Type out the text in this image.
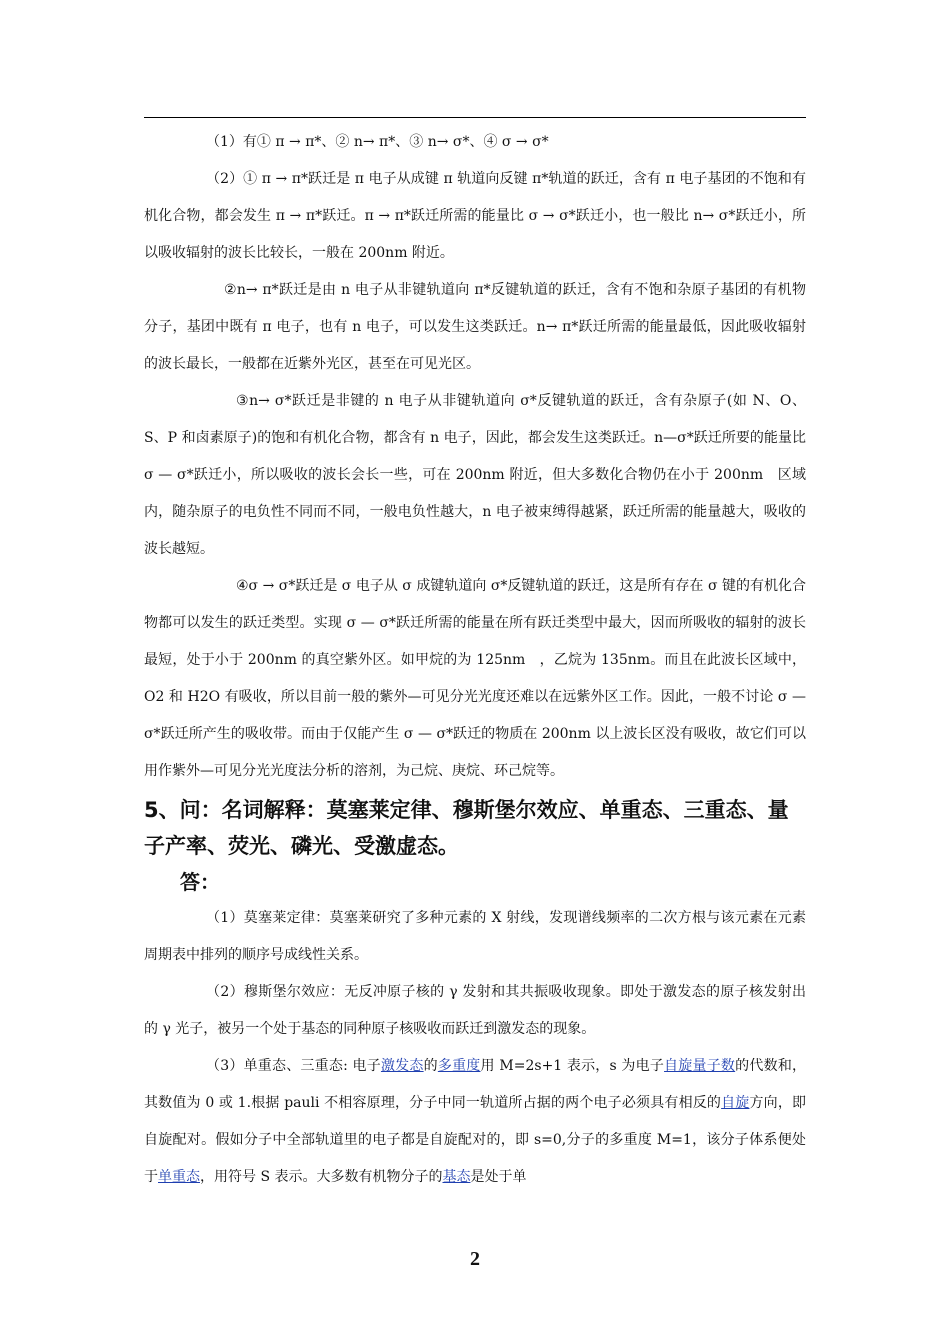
（1）有① π → π*、② n→ π*、③ n→ σ*、④ σ → σ*

（2）① π → π*跃迁是 π 电子从成键 π 轨道向反键 π*轨道的跃迁，含有 π 电子基团的不饱和有机化合物，都会发生 π → π*跃迁。π → π*跃迁所需的能量比 σ → σ*跃迁小，也一般比 n→ σ*跃迁小，所以吸收辐射的波长比较长，一般在 200nm 附近。

②n→ π*跃迁是由 n 电子从非键轨道向 π*反键轨道的跃迁，含有不饱和杂原子基团的有机物分子，基团中既有 π 电子，也有 n 电子，可以发生这类跃迁。n→ π*跃迁所需的能量最低，因此吸收辐射的波长最长，一般都在近紫外光区，甚至在可见光区。

③n→ σ*跃迁是非键的 n 电子从非键轨道向 σ*反键轨道的跃迁，含有杂原子(如 N、O、S、P 和卤素原子)的饱和有机化合物，都含有 n 电子，因此，都会发生这类跃迁。n—σ*跃迁所要的能量比 σ — σ*跃迁小，所以吸收的波长会长一些，可在 200nm 附近，但大多数化合物仍在小于 200nm　区域内，随杂原子的电负性不同而不同，一般电负性越大，n 电子被束缚得越紧，跃迁所需的能量越大，吸收的波长越短。

④σ → σ*跃迁是 σ 电子从 σ 成键轨道向 σ*反键轨道的跃迁，这是所有存在 σ 键的有机化合物都可以发生的跃迁类型。实现 σ — σ*跃迁所需的能量在所有跃迁类型中最大，因而所吸收的辐射的波长最短，处于小于 200nm 的真空紫外区。如甲烷的为 125nm　，乙烷为 135nm。而且在此波长区域中，O2 和 H2O 有吸收，所以目前一般的紫外—可见分光光度还难以在远紫外区工作。因此，一般不讨论 σ — σ*跃迁所产生的吸收带。而由于仅能产生 σ — σ*跃迁的物质在 200nm 以上波长区没有吸收，故它们可以用作紫外—可见分光光度法分析的溶剂，为己烷、庚烷、环己烷等。

5、问：名词解释：莫塞莱定律、穆斯堡尔效应、单重态、三重态、量子产率、荧光、磷光、受激虚态。
答：

（1）莫塞莱定律：莫塞莱研究了多种元素的 X 射线，发现谱线频率的二次方根与该元素在元素周期表中排列的顺序号成线性关系。

（2）穆斯堡尔效应：无反冲原子核的 γ 发射和其共振吸收现象。即处于激发态的原子核发射出的 γ 光子，被另一个处于基态的同种原子核吸收而跃迁到激发态的现象。

（3）单重态、三重态: 电子激发态的多重度用 M=2s+1 表示，s 为电子自旋量子数的代数和，其数值为 0 或 1.根据 pauli 不相容原理，分子中同一轨道所占据的两个电子必须具有相反的自旋方向，即自旋配对。假如分子中全部轨道里的电子都是自旋配对的，即 s=0,分子的多重度 M=1，该分子体系便处于单重态，用符号 S 表示。大多数有机物分子的基态是处于单

2
